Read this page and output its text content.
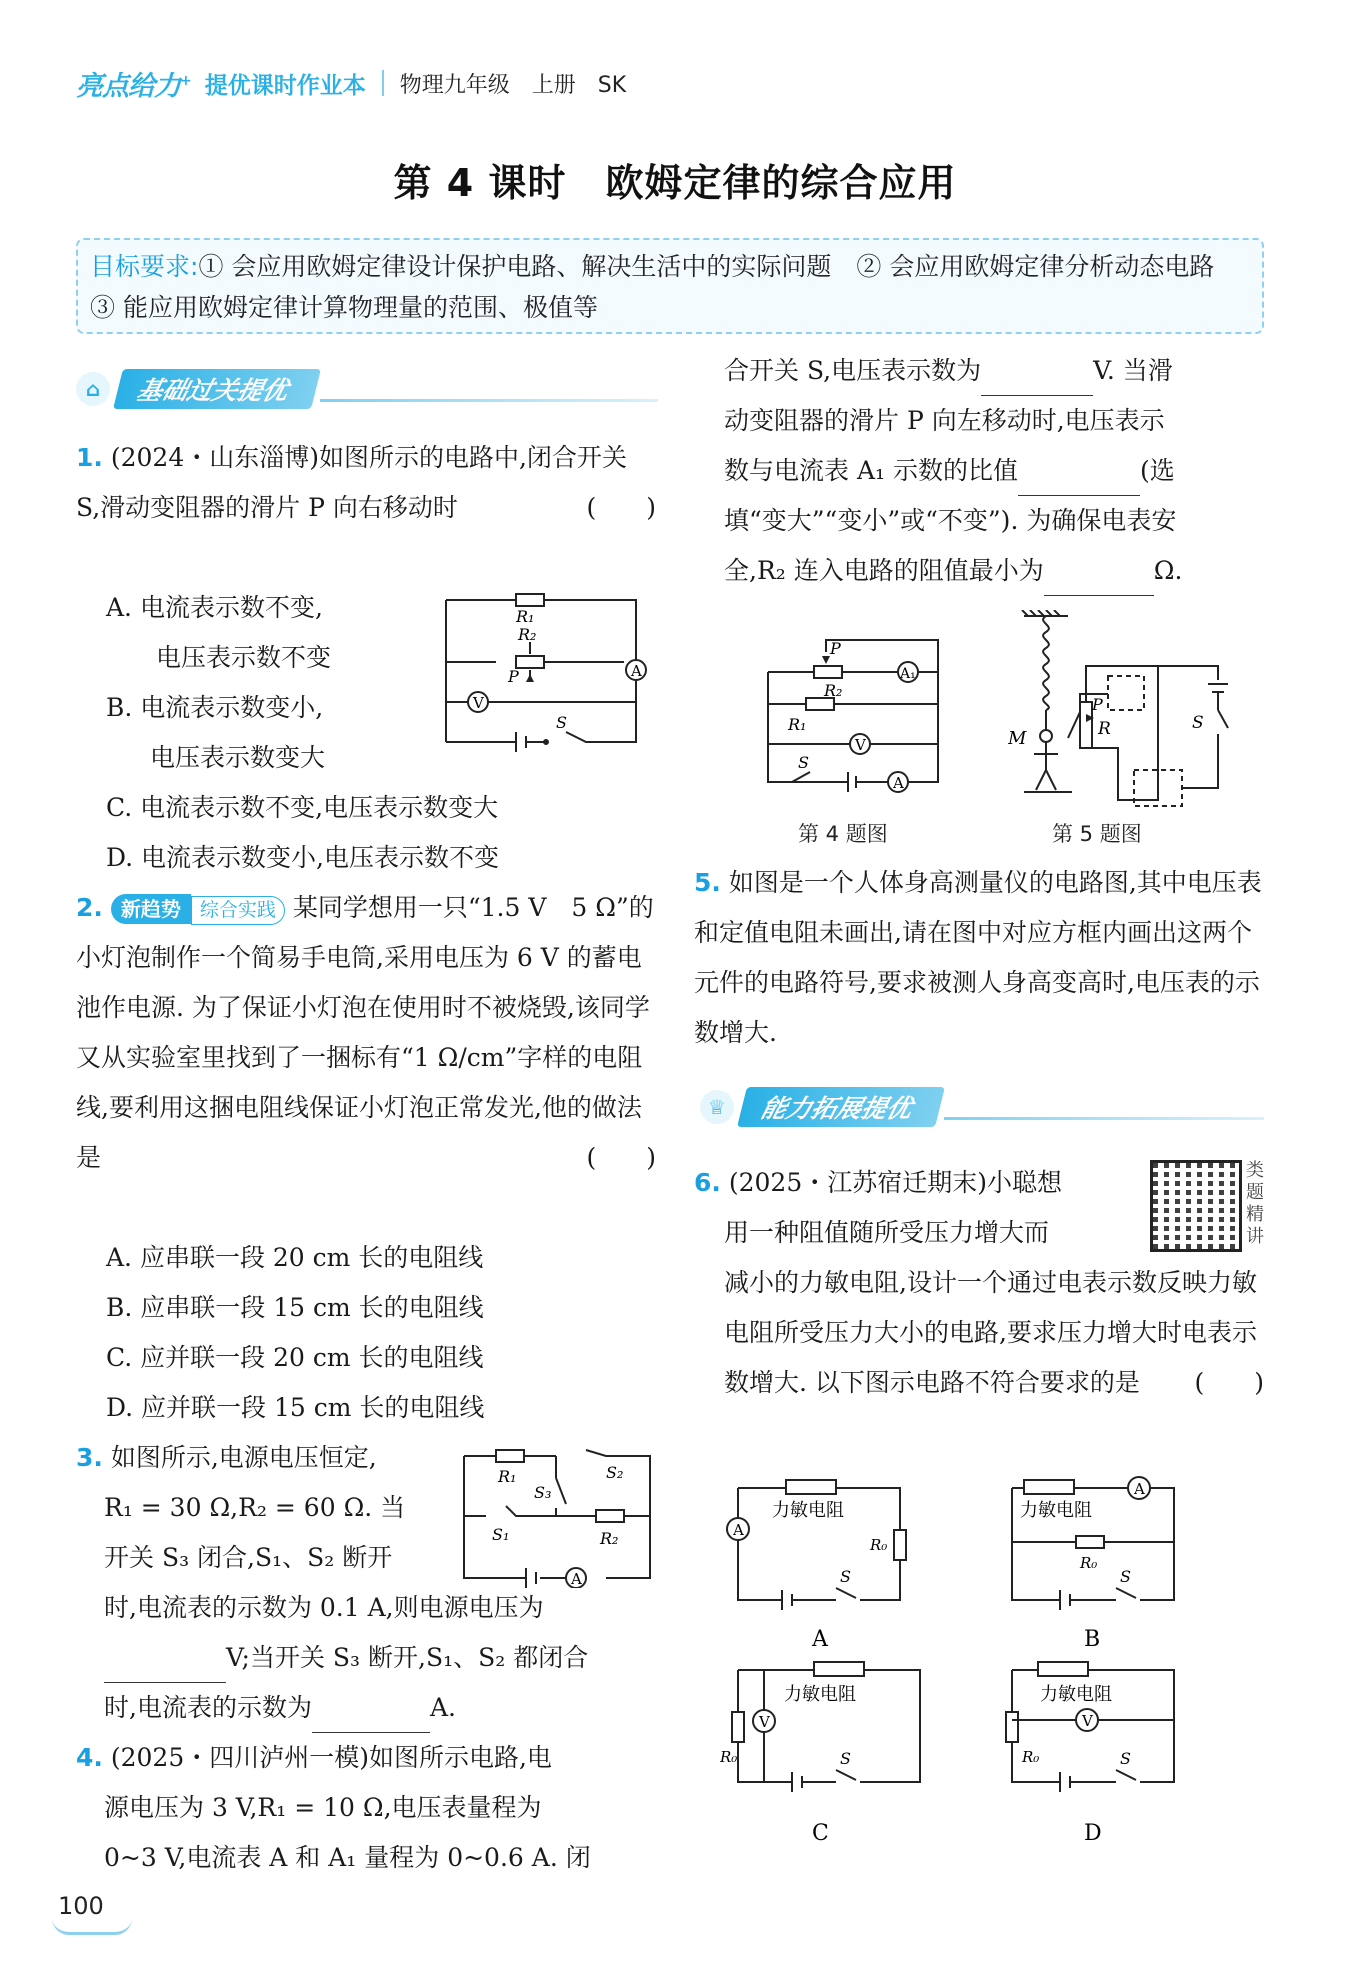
亮点给力+ 提优课时作业本 物理九年级　上册　SK
第 4 课时　欧姆定律的综合应用
目标要求:① 会应用欧姆定律设计保护电路、解决生活中的实际问题　② 会应用欧姆定律分析动态电路　③ 能应用欧姆定律计算物理量的范围、极值等
⌂	基础过关提优
1. (2024・山东淄博)如图所示的电路中,闭合开关 S,滑动变阻器的滑片 P 向右移动时	(　　)
A. 电流表示数不变,
电压表示数不变
B. 电流表示数变小,
电压表示数变大
C. 电流表示数不变,电压表示数变大
D. 电流表示数变小,电压表示数不变
R₁
R₂
P
V
A
S
2. 新趋势 综合实践 某同学想用一只“1.5 V　5 Ω”的小灯泡制作一个简易手电筒,采用电压为 6 V 的蓄电池作电源. 为了保证小灯泡在使用时不被烧毁,该同学又从实验室里找到了一捆标有“1 Ω/cm”字样的电阻线,要利用这捆电阻线保证小灯泡正常发光,他的做法是	(　　)
A. 应串联一段 20 cm 长的电阻线
B. 应串联一段 15 cm 长的电阻线
C. 应并联一段 20 cm 长的电阻线
D. 应并联一段 15 cm 长的电阻线
3. 如图所示,电源电压恒定,
R₁ = 30 Ω,R₂ = 60 Ω. 当
开关 S₃ 闭合,S₁、S₂ 断开
时,电流表的示数为 0.1 A,则电源电压为
V;当开关 S₃ 断开,S₁、S₂ 都闭合
时,电流表的示数为	A.
R₁	S₂
S₃
S₁	R₂
A
4. (2025・四川泸州一模)如图所示电路,电
源电压为 3 V,R₁ = 10 Ω,电压表量程为
0~3 V,电流表 A 和 A₁ 量程为 0~0.6 A. 闭
100
合开关 S,电压表示数为	V. 当滑
动变阻器的滑片 P 向左移动时,电压表示
数与电流表 A₁ 示数的比值	(选
填“变大”“变小”或“不变”). 为确保电表安
全,R₂ 连入电路的阻值最小为	Ω.
P
R₂
R₁
A₁
V
S
A
第 4 题图
M
P
R	S
第 5 题图
5. 如图是一个人体身高测量仪的电路图,其中电压表和定值电阻未画出,请在图中对应方框内画出这两个元件的电路符号,要求被测人身高变高时,电压表的示数增大.
♕	能力拓展提优
6. (2025・江苏宿迁期末)小聪想
用一种阻值随所受压力增大而
类题精讲
减小的力敏电阻,设计一个通过电表示数反映力敏电阻所受压力大小的电路,要求压力增大时电表示数增大. 以下图示电路不符合要求的是 (　　)
力敏电阻
R₀
A
S
A
力敏电阻
R₀
A
S
B
力敏电阻
R₀
V
S
C
力敏电阻
R₀
V
S
D
